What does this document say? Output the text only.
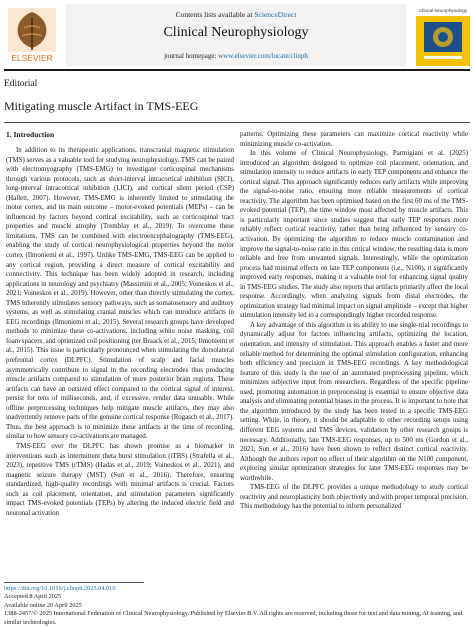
ELSEVIER
Contents lists available at ScienceDirect
Clinical Neurophysiology
journal homepage: www.elsevier.com/locate/clinph
Clinical Neurophysiology
Editorial
Mitigating muscle Artifact in TMS-EEG
1. Introduction

In addition to its therapeutic applications, transcranial magnetic stimulation (TMS) serves as a valuable tool for studying neurophysiology. TMS can be paired with electromyography (TMS-EMG) to investigate corticospinal mechanisms through various protocols, such as short-interval intracortical inhibition (SICI), long-interval intracortical inhibition (LICI), and cortical silent period (CSP) (Hallett, 2007). However, TMS-EMG is inherently limited to stimulating the motor cortex, and its main outcome – motor-evoked potentials (MEPs) – can be influenced by factors beyond cortical excitability, such as corticospinal tract properties and muscle atrophy (Tremblay et al., 2019). To overcome these limitations, TMS can be combined with electroencephalography (TMS-EEG), enabling the study of cortical neurophysiological properties beyond the motor cortex (Ilmoniemi et al., 1997). Unlike TMS-EMG, TMS-EEG can be applied to any cortical region, providing a direct measure of cortical excitability and connectivity. This technique has been widely adopted in research, including applications in neurology and psychiatry (Massimini et al., 2005; Voineskos et al., 2021; Voineskos et al., 2019). However, other than directly stimulating the cortex, TMS inherently stimulates sensory pathways, such as somatosensory and auditory systems, as well as stimulating cranial muscles which can introduce artifacts in EEG recordings (Ilmoniemi et al., 2015). Several research groups have developed methods to minimize these co-activations, including white noise masking, coil foam spacers, and optimized coil positioning (ter Braack et al., 2015; Ilmoniemi et al., 2015). This issue is particularly pronounced when stimulating the dorsolateral prefrontal cortex (DLPFC). Stimulation of scalp and facial muscles asymmetrically contribute to signal in the recording electrodes thus producing muscle artifacts compared to stimulation of more posterior brain regions. These artifacts can have an outsized effect compared to the cortical signal of interest, persist for tens of milliseconds, and, if excessive, render data unusable. While offline preprocessing techniques help mitigate muscle artifacts, they may also inadvertently remove parts of the genuine cortical response (Rogasch et al., 2017). Thus, the best approach is to minimize these artifacts at the time of recording, similar to how sensory co-activations are managed.

TMS-EEG over the DLPFC has shown promise as a biomarker in interventions such as intermittent theta burst stimulation (iTBS) (Strafella et al., 2023), repetitive TMS (rTMS) (Hadas et al., 2019; Voineskos et al., 2021), and magnetic seizure therapy (MST) (Sun et al., 2016). Therefore, ensuring standardized, high-quality recordings with minimal artifacts is crucial. Factors such as coil placement, orientation, and stimulation parameters significantly impact TMS-evoked potentials (TEPs) by altering the induced electric field and neuronal activation

patterns. Optimizing these parameters can maximize cortical reactivity while minimizing muscle co-activation.

In this volume of Clinical Neurophysiology, Parmigiani et al. (2025) introduced an algorithm designed to optimize coil placement, orientation, and stimulation intensity to reduce artifacts in early TEP components and enhance the cortical signal. This approach significantly reduces early artifacts while improving the signal-to-noise ratio, ensuring more reliable measurements of cortical reactivity. The algorithm has been optimised based on the first 60 ms of the TMS-evoked potential (TEP), the time window most affected by muscle artifacts. This is particularly important since studies suggest that early TEP responses more reliably reflect cortical reactivity, rather than being influenced by sensory co-activation. By optimizing the algorithm to reduce muscle contamination and improve the signal-to-noise ratio in this critical window, the resulting data is more reliable and free from unwanted signals. Interestingly, while the optimization process had minimal effects on late TEP components (i.e., N100), it significantly improved early responses, making it a valuable tool for enhancing signal quality in TMS-EEG studies. The study also reports that artifacts primarily affect the local response. Accordingly, when analyzing signals from distal electrodes, the optimization strategy had minimal impact on signal amplitude – except that higher stimulation intensity led to a correspondingly higher recorded response.

A key advantage of this algorithm is its ability to use single-trial recordings to dynamically adjust for factors influencing artifacts, optimizing the location, orientation, and intensity of stimulation. This approach enables a faster and more reliable method for determining the optimal stimulation configuration, enhancing both efficiency and precision in TMS-EEG recordings. A key methodological feature of this study is the use of an automated preprocessing pipeline, which minimizes subjective input from researchers. Regardless of the specific pipeline used, promoting automation in preprocessing is essential to ensure objective data analysis and eliminating potential biases in the process. It is important to note that the algorithm introduced by the study has been tested in a specific TMS-EEG setting. While, in theory, it should be adaptable to other recording setups using different EEG systems and TMS devices, validation by other research groups is necessary. Additionally, late TMS-EEG responses, up to 500 ms (Gordon et al., 2021; Sun et al., 2016) have been shown to reflect distinct cortical reactivity. Although the authors report no effect of their algorithm on the N100 component, exploring similar optimization strategies for later TMS-EEG responses may be worthwhile.

TMS-EEG of the DLPFC provides a unique methodology to study cortical reactivity and neuroplasticity both objectively and with proper temporal precision. This methodology has the potential to inform personalized

https://doi.org/10.1016/j.clinph.2025.04.010
Accepted 8 April 2025
Available online 20 April 2025
1388-2457/© 2025 International Federation of Clinical Neurophysiology. Published by Elsevier B.V. All rights are reserved, including those for text and data mining, AI training, and similar technologies.
